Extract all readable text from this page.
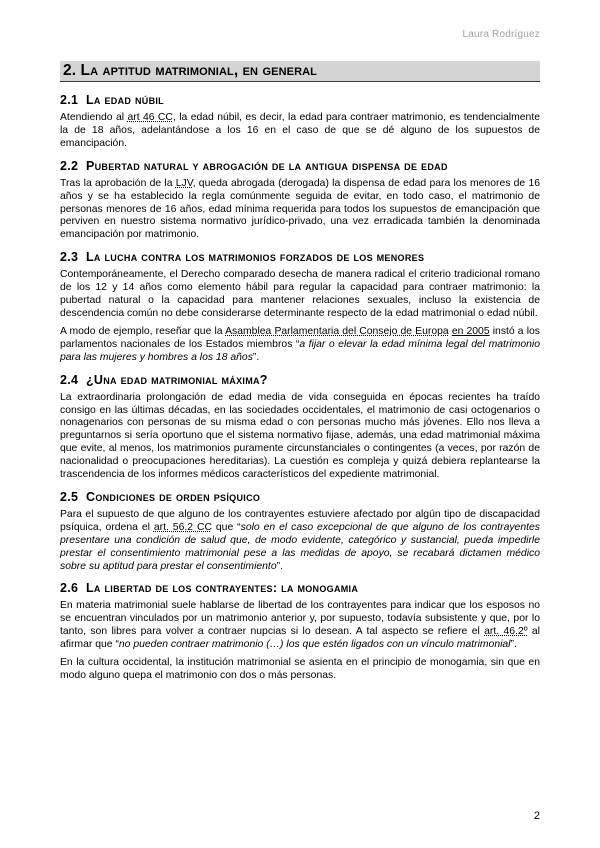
Laura Rodríguez
2. La aptitud matrimonial, en general
2.1 La edad núbil

Atendiendo al art 46 CC, la edad núbil, es decir, la edad para contraer matrimonio, es tendencialmente la de 18 años, adelantándose a los 16 en el caso de que se dé alguno de los supuestos de emancipación.

2.2 Pubertad natural y abrogación de la antigua dispensa de edad

Tras la aprobación de la LJV, queda abrogada (derogada) la dispensa de edad para los menores de 16 años y se ha establecido la regla comúnmente seguida de evitar, en todo caso, el matrimonio de personas menores de 16 años, edad mínima requerida para todos los supuestos de emancipación que perviven en nuestro sistema normativo jurídico-privado, una vez erradicada también la denominada emancipación por matrimonio.

2.3 La lucha contra los matrimonios forzados de los menores

Contemporáneamente, el Derecho comparado desecha de manera radical el criterio tradicional romano de los 12 y 14 años como elemento hábil para regular la capacidad para contraer matrimonio: la pubertad natural o la capacidad para mantener relaciones sexuales, incluso la existencia de descendencia común no debe considerarse determinante respecto de la edad matrimonial o edad núbil.

A modo de ejemplo, reseñar que la Asamblea Parlamentaria del Consejo de Europa en 2005 instó a los parlamentos nacionales de los Estados miembros “a fijar o elevar la edad mínima legal del matrimonio para las mujeres y hombres a los 18 años”.

2.4 ¿Una edad matrimonial máxima?

La extraordinaria prolongación de edad media de vida conseguida en épocas recientes ha traído consigo en las últimas décadas, en las sociedades occidentales, el matrimonio de casi octogenarios o nonagenarios con personas de su misma edad o con personas mucho más jóvenes. Ello nos lleva a preguntarnos si sería oportuno que el sistema normativo fijase, además, una edad matrimonial máxima que evite, al menos, los matrimonios puramente circunstanciales o contingentes (a veces, por razón de nacionalidad o preocupaciones hereditarias). La cuestión es compleja y quizá debiera replantearse la trascendencia de los informes médicos característicos del expediente matrimonial.

2.5 Condiciones de orden psíquico

Para el supuesto de que alguno de los contrayentes estuviere afectado por algún tipo de discapacidad psíquica, ordena el art. 56.2 CC que “solo en el caso excepcional de que alguno de los contrayentes presentare una condición de salud que, de modo evidente, categórico y sustancial, pueda impedirle prestar el consentimiento matrimonial pese a las medidas de apoyo, se recabará dictamen médico sobre su aptitud para prestar el consentimiento”.

2.6 La libertad de los contrayentes: la monogamia

En materia matrimonial suele hablarse de libertad de los contrayentes para indicar que los esposos no se encuentran vinculados por un matrimonio anterior y, por supuesto, todavía subsistente y que, por lo tanto, son libres para volver a contraer nupcias si lo desean. A tal aspecto se refiere el art. 46.2º al afirmar que “no pueden contraer matrimonio (…) los que estén ligados con un vínculo matrimonial”.

En la cultura occidental, la institución matrimonial se asienta en el principio de monogamia, sin que en modo alguno quepa el matrimonio con dos o más personas.

2
